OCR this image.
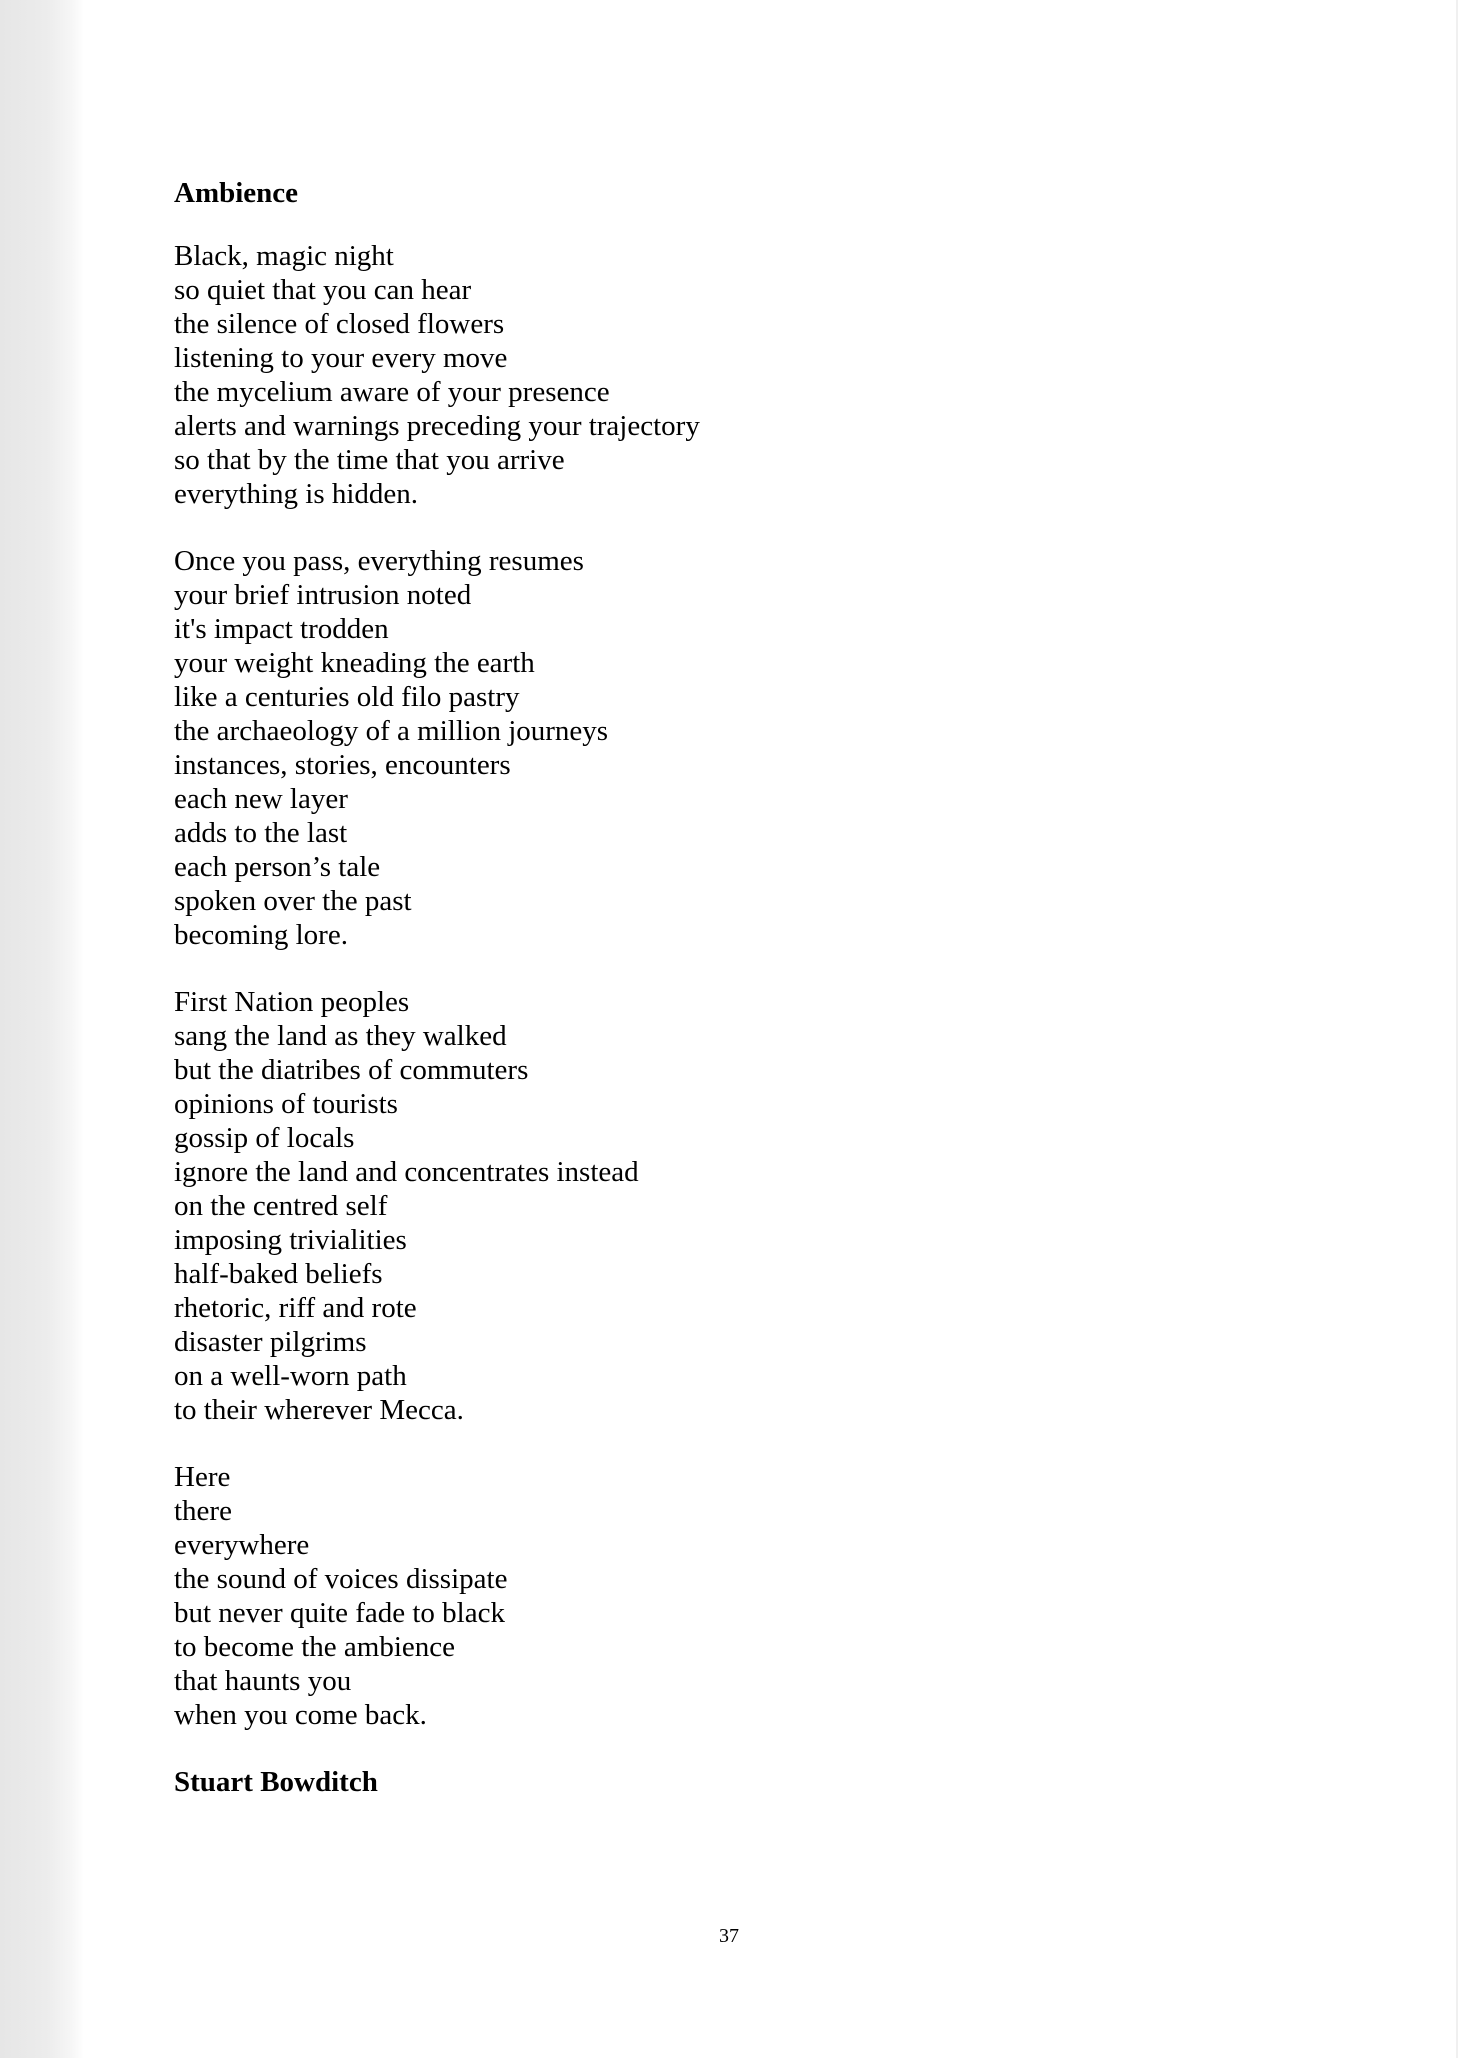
Ambience
Black, magic night
so quiet that you can hear
the silence of closed flowers
listening to your every move
the mycelium aware of your presence
alerts and warnings preceding your trajectory
so that by the time that you arrive
everything is hidden.
Once you pass, everything resumes
your brief intrusion noted
it's impact trodden
your weight kneading the earth
like a centuries old filo pastry
the archaeology of a million journeys
instances, stories, encounters
each new layer
adds to the last
each person’s tale
spoken over the past
becoming lore.
First Nation peoples
sang the land as they walked
but the diatribes of commuters
opinions of tourists
gossip of locals
ignore the land and concentrates instead
on the centred self
imposing trivialities
half-baked beliefs
rhetoric, riff and rote
disaster pilgrims
on a well-worn path
to their wherever Mecca.
Here
there
everywhere
the sound of voices dissipate
but never quite fade to black
to become the ambience
that haunts you
when you come back.
Stuart Bowditch
37
